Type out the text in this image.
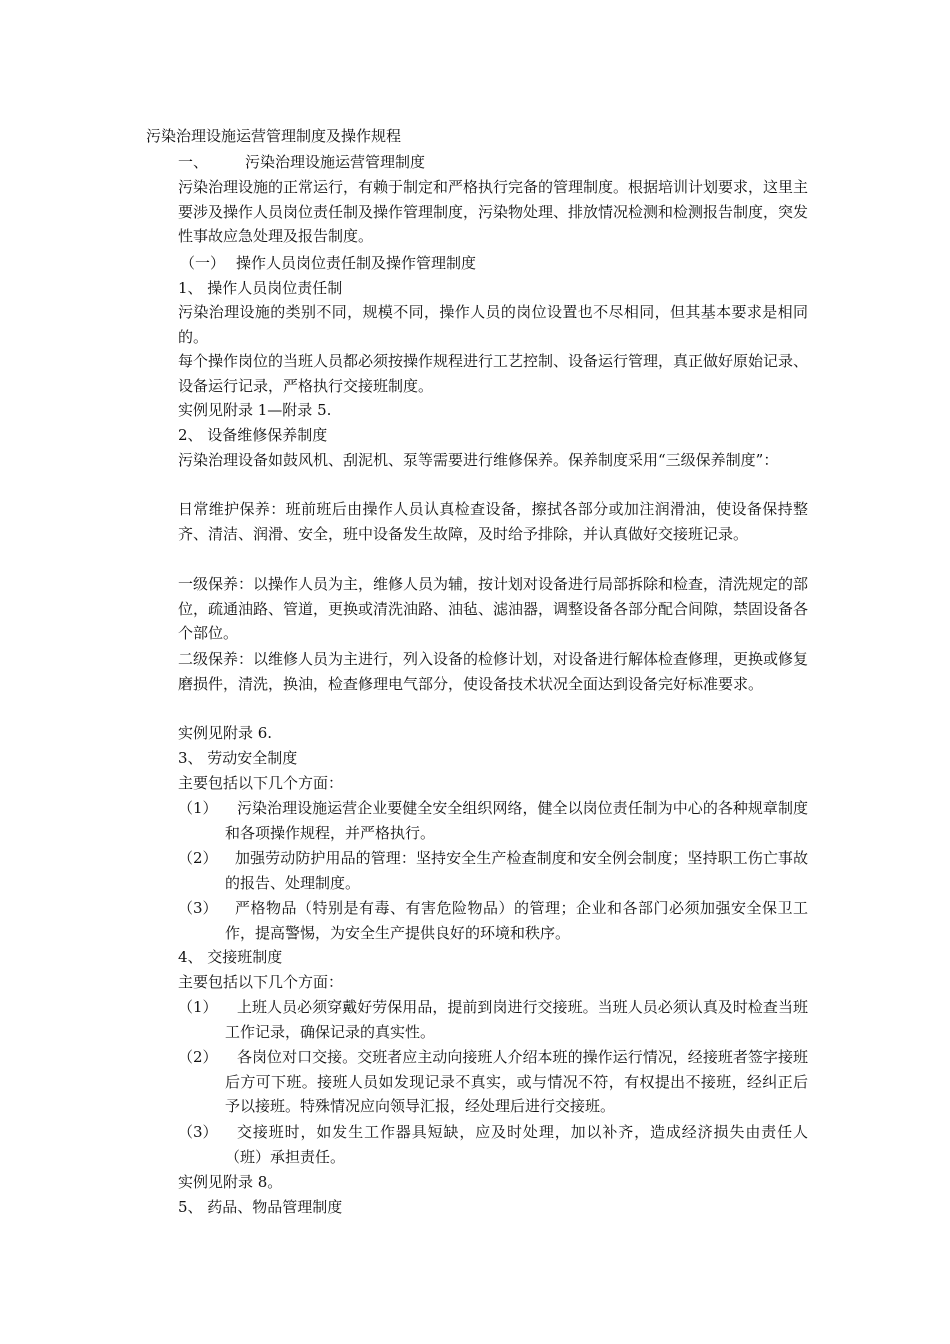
污染治理设施运营管理制度及操作规程
一、 污染治理设施运营管理制度
污染治理设施的正常运行，有赖于制定和严格执行完备的管理制度。根据培训计划要求，这里主要涉及操作人员岗位责任制及操作管理制度，污染物处理、排放情况检测和检测报告制度，突发性事故应急处理及报告制度。
（一） 操作人员岗位责任制及操作管理制度
1、 操作人员岗位责任制
污染治理设施的类别不同，规模不同，操作人员的岗位设置也不尽相同，但其基本要求是相同的。
每个操作岗位的当班人员都必须按操作规程进行工艺控制、设备运行管理，真正做好原始记录、设备运行记录，严格执行交接班制度。
实例见附录 1—附录 5.
2、 设备维修保养制度
污染治理设备如鼓风机、刮泥机、泵等需要进行维修保养。保养制度采用“三级保养制度”：
日常维护保养：班前班后由操作人员认真检查设备，擦拭各部分或加注润滑油，使设备保持整齐、清洁、润滑、安全，班中设备发生故障，及时给予排除，并认真做好交接班记录。
一级保养：以操作人员为主，维修人员为辅，按计划对设备进行局部拆除和检查，清洗规定的部位，疏通油路、管道，更换或清洗油路、油毡、滤油器，调整设备各部分配合间隙，禁固设备各个部位。
二级保养：以维修人员为主进行，列入设备的检修计划，对设备进行解体检查修理，更换或修复磨损件，清洗，换油，检查修理电气部分，使设备技术状况全面达到设备完好标准要求。
实例见附录 6.
3、 劳动安全制度
主要包括以下几个方面：
（1）	污染治理设施运营企业要健全安全组织网络，健全以岗位责任制为中心的各种规章制度和各项操作规程，并严格执行。
（2）	加强劳动防护用品的管理：坚持安全生产检查制度和安全例会制度；坚持职工伤亡事故的报告、处理制度。
（3）	严格物品（特别是有毒、有害危险物品）的管理；企业和各部门必须加强安全保卫工作，提高警惕，为安全生产提供良好的环境和秩序。
4、 交接班制度
主要包括以下几个方面：
（1）	上班人员必须穿戴好劳保用品，提前到岗进行交接班。当班人员必须认真及时检查当班工作记录，确保记录的真实性。
（2）	各岗位对口交接。交班者应主动向接班人介绍本班的操作运行情况，经接班者签字接班后方可下班。接班人员如发现记录不真实，或与情况不符，有权提出不接班，经纠正后予以接班。特殊情况应向领导汇报，经处理后进行交接班。
（3）	交接班时，如发生工作器具短缺，应及时处理，加以补齐，造成经济损失由责任人（班）承担责任。
实例见附录 8。
5、 药品、物品管理制度
